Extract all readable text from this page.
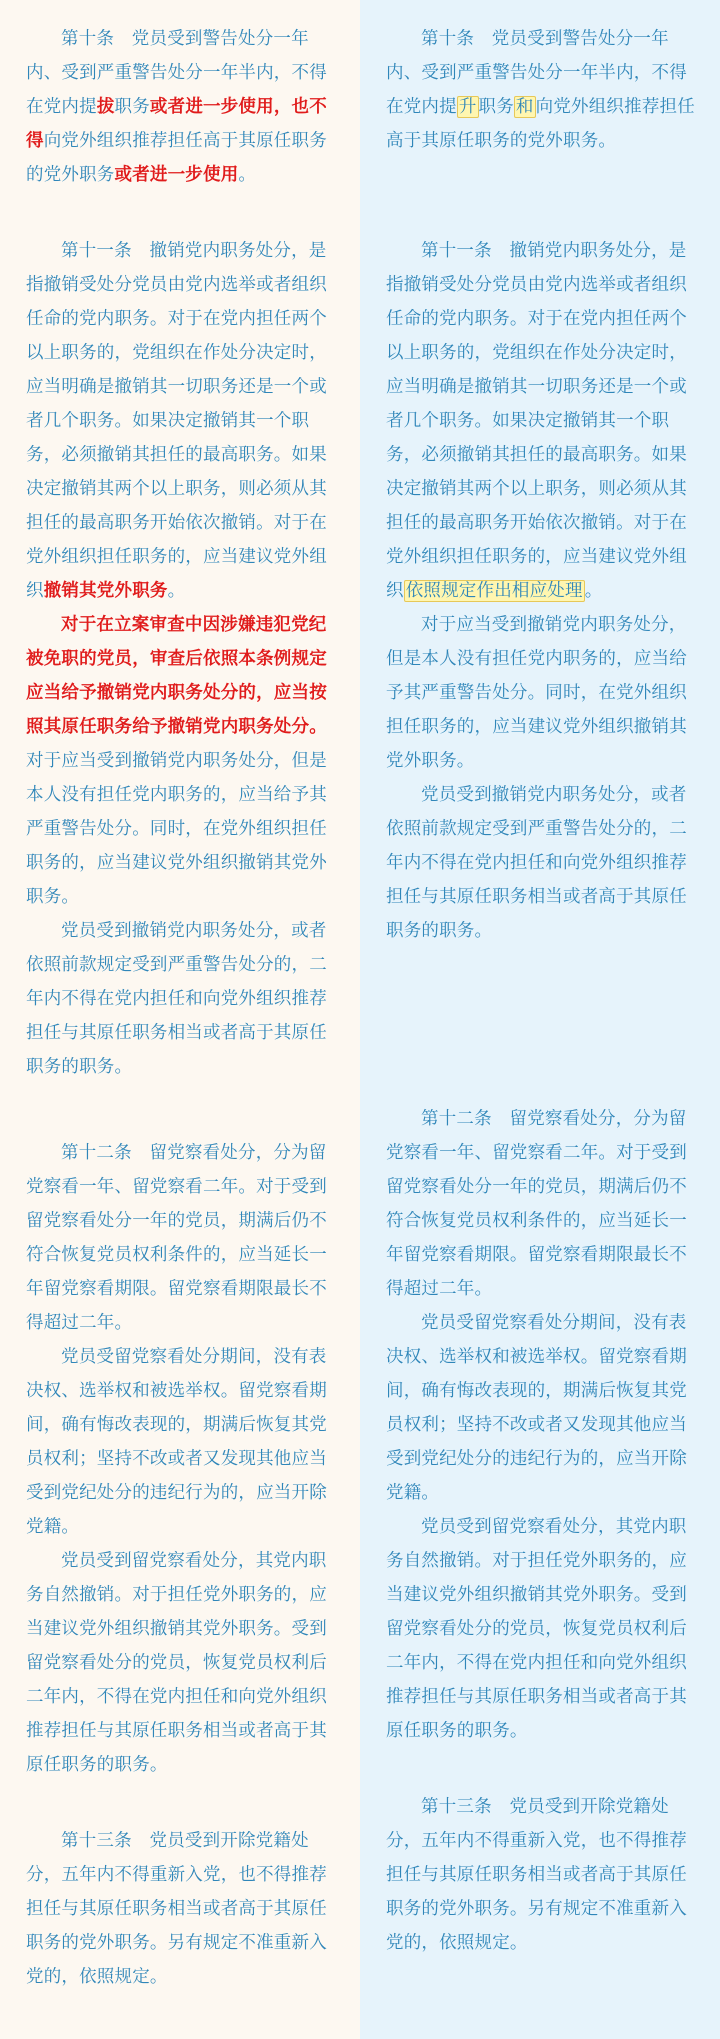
第十条　党员受到警告处分一年内、受到严重警告处分一年半内，不得在党内提拔职务或者进一步使用，也不得向党外组织推荐担任高于其原任职务的党外职务或者进一步使用。

第十一条　撤销党内职务处分，是指撤销受处分党员由党内选举或者组织任命的党内职务。对于在党内担任两个以上职务的，党组织在作处分决定时，应当明确是撤销其一切职务还是一个或者几个职务。如果决定撤销其一个职务，必须撤销其担任的最高职务。如果决定撤销其两个以上职务，则必须从其担任的最高职务开始依次撤销。对于在党外组织担任职务的，应当建议党外组织撤销其党外职务。

对于在立案审查中因涉嫌违犯党纪被免职的党员，审查后依照本条例规定应当给予撤销党内职务处分的，应当按照其原任职务给予撤销党内职务处分。对于应当受到撤销党内职务处分，但是本人没有担任党内职务的，应当给予其严重警告处分。同时，在党外组织担任职务的，应当建议党外组织撤销其党外职务。

党员受到撤销党内职务处分，或者依照前款规定受到严重警告处分的，二年内不得在党内担任和向党外组织推荐担任与其原任职务相当或者高于其原任职务的职务。

第十二条　留党察看处分，分为留党察看一年、留党察看二年。对于受到留党察看处分一年的党员，期满后仍不符合恢复党员权利条件的，应当延长一年留党察看期限。留党察看期限最长不得超过二年。

党员受留党察看处分期间，没有表决权、选举权和被选举权。留党察看期间，确有悔改表现的，期满后恢复其党员权利；坚持不改或者又发现其他应当受到党纪处分的违纪行为的，应当开除党籍。

党员受到留党察看处分，其党内职务自然撤销。对于担任党外职务的，应当建议党外组织撤销其党外职务。受到留党察看处分的党员，恢复党员权利后二年内，不得在党内担任和向党外组织推荐担任与其原任职务相当或者高于其原任职务的职务。

第十三条　党员受到开除党籍处分，五年内不得重新入党，也不得推荐担任与其原任职务相当或者高于其原任职务的党外职务。另有规定不准重新入党的，依照规定。

第十条　党员受到警告处分一年内、受到严重警告处分一年半内，不得在党内提 升 职务 和 向党外组织推荐担任高于其原任职务的党外职务。

第十一条　撤销党内职务处分，是指撤销受处分党员由党内选举或者组织任命的党内职务。对于在党内担任两个以上职务的，党组织在作处分决定时，应当明确是撤销其一切职务还是一个或者几个职务。如果决定撤销其一个职务，必须撤销其担任的最高职务。如果决定撤销其两个以上职务，则必须从其担任的最高职务开始依次撤销。对于在党外组织担任职务的，应当建议党外组织 依照规定作出相应处理 。

对于应当受到撤销党内职务处分，但是本人没有担任党内职务的，应当给予其严重警告处分。同时，在党外组织担任职务的，应当建议党外组织撤销其党外职务。

党员受到撤销党内职务处分，或者依照前款规定受到严重警告处分的，二年内不得在党内担任和向党外组织推荐担任与其原任职务相当或者高于其原任职务的职务。

第十二条　留党察看处分，分为留党察看一年、留党察看二年。对于受到留党察看处分一年的党员，期满后仍不符合恢复党员权利条件的，应当延长一年留党察看期限。留党察看期限最长不得超过二年。

党员受留党察看处分期间，没有表决权、选举权和被选举权。留党察看期间，确有悔改表现的，期满后恢复其党员权利；坚持不改或者又发现其他应当受到党纪处分的违纪行为的，应当开除党籍。

党员受到留党察看处分，其党内职务自然撤销。对于担任党外职务的，应当建议党外组织撤销其党外职务。受到留党察看处分的党员，恢复党员权利后二年内，不得在党内担任和向党外组织推荐担任与其原任职务相当或者高于其原任职务的职务。

第十三条　党员受到开除党籍处分，五年内不得重新入党，也不得推荐担任与其原任职务相当或者高于其原任职务的党外职务。另有规定不准重新入党的，依照规定。
